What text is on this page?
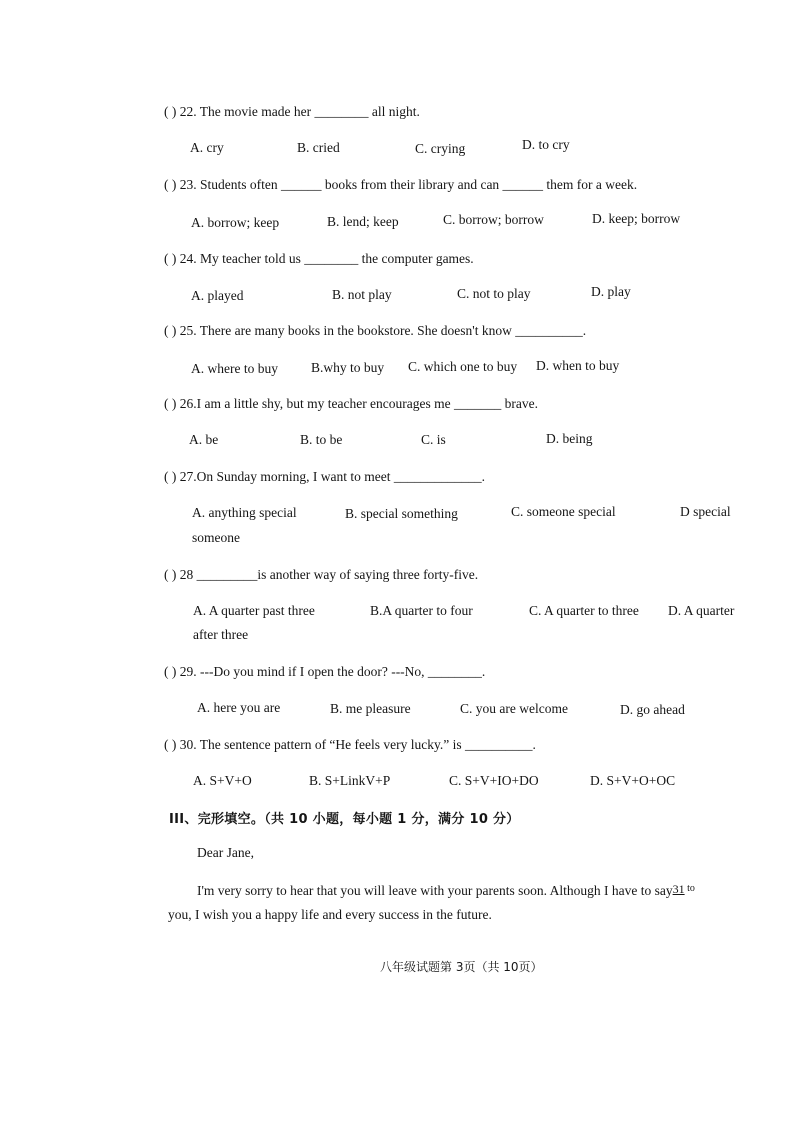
( ) 22. The movie made her ________ all night.
A. cry	B. cried	C. crying	D. to cry
( ) 23. Students often ______ books from their library and can ______ them for a week.
A. borrow; keep	B. lend; keep	C. borrow; borrow	D. keep; borrow
( ) 24. My teacher told us ________ the computer games.
A. played	B. not play	C. not to play	D. play
( ) 25. There are many books in the bookstore. She doesn't know __________.
A. where to buy B.why to buy C. which one to buy D. when to buy
( ) 26.I am a little shy, but my teacher encourages me _______ brave.
A. be	B. to be	C. is	D. being
( ) 27.On Sunday morning, I want to meet _____________.
A. anything special	B. special something	C. someone special	D special
someone
( ) 28 _________is another way of saying three forty-five.
A. A quarter past three	B.A quarter to four	C. A quarter to three D. A quarter
after three
( ) 29. ---Do you mind if I open the door? ---No, ________.
A. here you are	B. me pleasure	C. you are welcome	D. go ahead
( ) 30. The sentence pattern of “He feels very lucky.” is __________.
A. S+V+O	B. S+LinkV+P	C. S+V+IO+DO	D. S+V+O+OC
III、完形填空。（共 10 小题，每小题 1 分，满分 10 分）
Dear Jane,
I'm very sorry to hear that you will leave with your parents soon. Although I have to say31 $^{to}$
you, I wish you a happy life and every success in the future.
八年级试题第 3页（共 10页）
